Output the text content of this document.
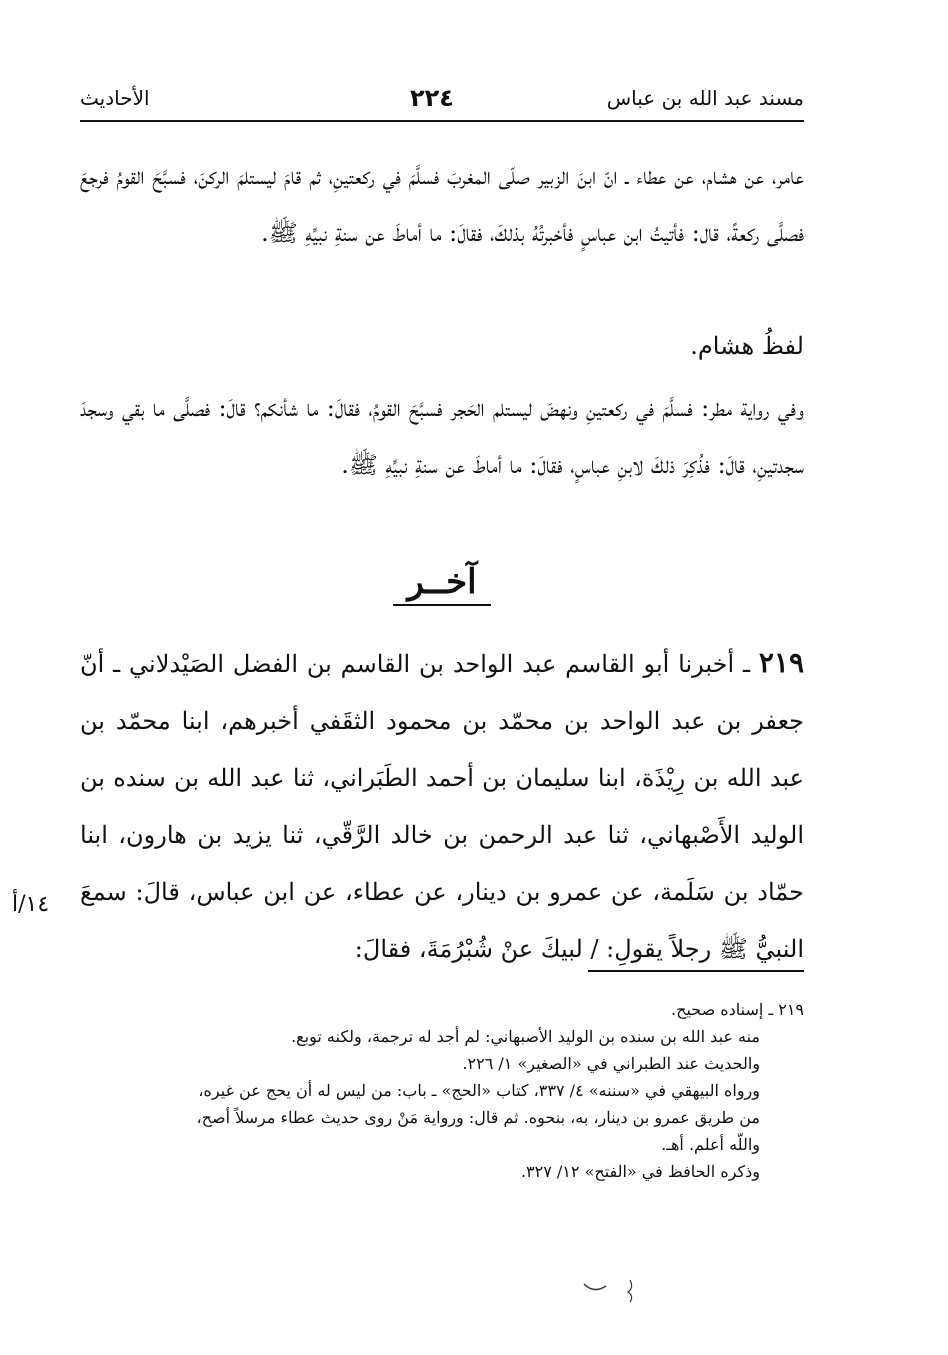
مسند عبد الله بن عباس
٢٢٤
الأحاديث
عامر، عن هشام، عن عطاء ـ انّ ابنَ الزبير صلّى المغربَ فسلَّمَ في ركعتينِ، ثم قامَ ليستلمَ الركنَ، فسبَّحَ القومُ فرجعَ فصلَّى ركعةً، قال: فأتيتُ ابن عباسٍ فأخبرتُهُ بذلكَ، فقالَ: ما أماطَ عن سنةِ نبيِّهِ ﷺ.
لفظُ هشام.
وفي رواية مطر: فسلَّمَ في ركعتينِ ونهضَ ليستلم الحَجر فسبَّحَ القومُ، فقالَ: ما شأنكم؟ قالَ: فصلَّى ما بقي وسجدَ سجدتينِ، قالَ: فذُكِرَ ذلكَ لابنِ عباسٍ، فقالَ: ما أماطَ عن سنةِ نبيِّهِ ﷺ.
آخــر
٢١٩ ـ أخبرنا أبو القاسم عبد الواحد بن القاسم بن الفضل الصَيْدلاني ـ أنّ جعفر بن عبد الواحد بن محمّد بن محمود الثقَفي أخبرهم، ابنا محمّد بن عبد الله بن رِيْذَة، ابنا سليمان بن أحمد الطَبَراني، ثنا عبد الله بن سنده بن الوليد الأَصْبهاني، ثنا عبد الرحمن بن خالد الرَّقّي، ثنا يزيد بن هارون، ابنا حمّاد بن سَلَمة، عن عمرو بن دينار، عن عطاء، عن ابن عباس، قالَ: سمعَ النبيُّ ﷺ رجلاً يقولِ: / لبيكَ عنْ شُبْرُمَةَ، فقالَ:
١٤/أ
٢١٩ ـ إسناده صحيح.
منه عبد الله بن سنده بن الوليد الأصبهاني: لم أجد له ترجمة، ولكنه توبع.
والحديث عند الطبراني في «الصغير» ١/ ٢٢٦.
ورواه البيهقي في «سننه» ٤/ ٣٣٧، كتاب «الحج» ـ باب: من ليس له أن يحج عن غيره،
من طريق عمرو بن دينار، به، بنحوه. ثم قال: ورواية مَنْ روى حديث عطاء مرسلاً أصح،
واللّه أعلم. أهـ.
وذكره الحافظ في «الفتح» ١٢/ ٣٢٧.
